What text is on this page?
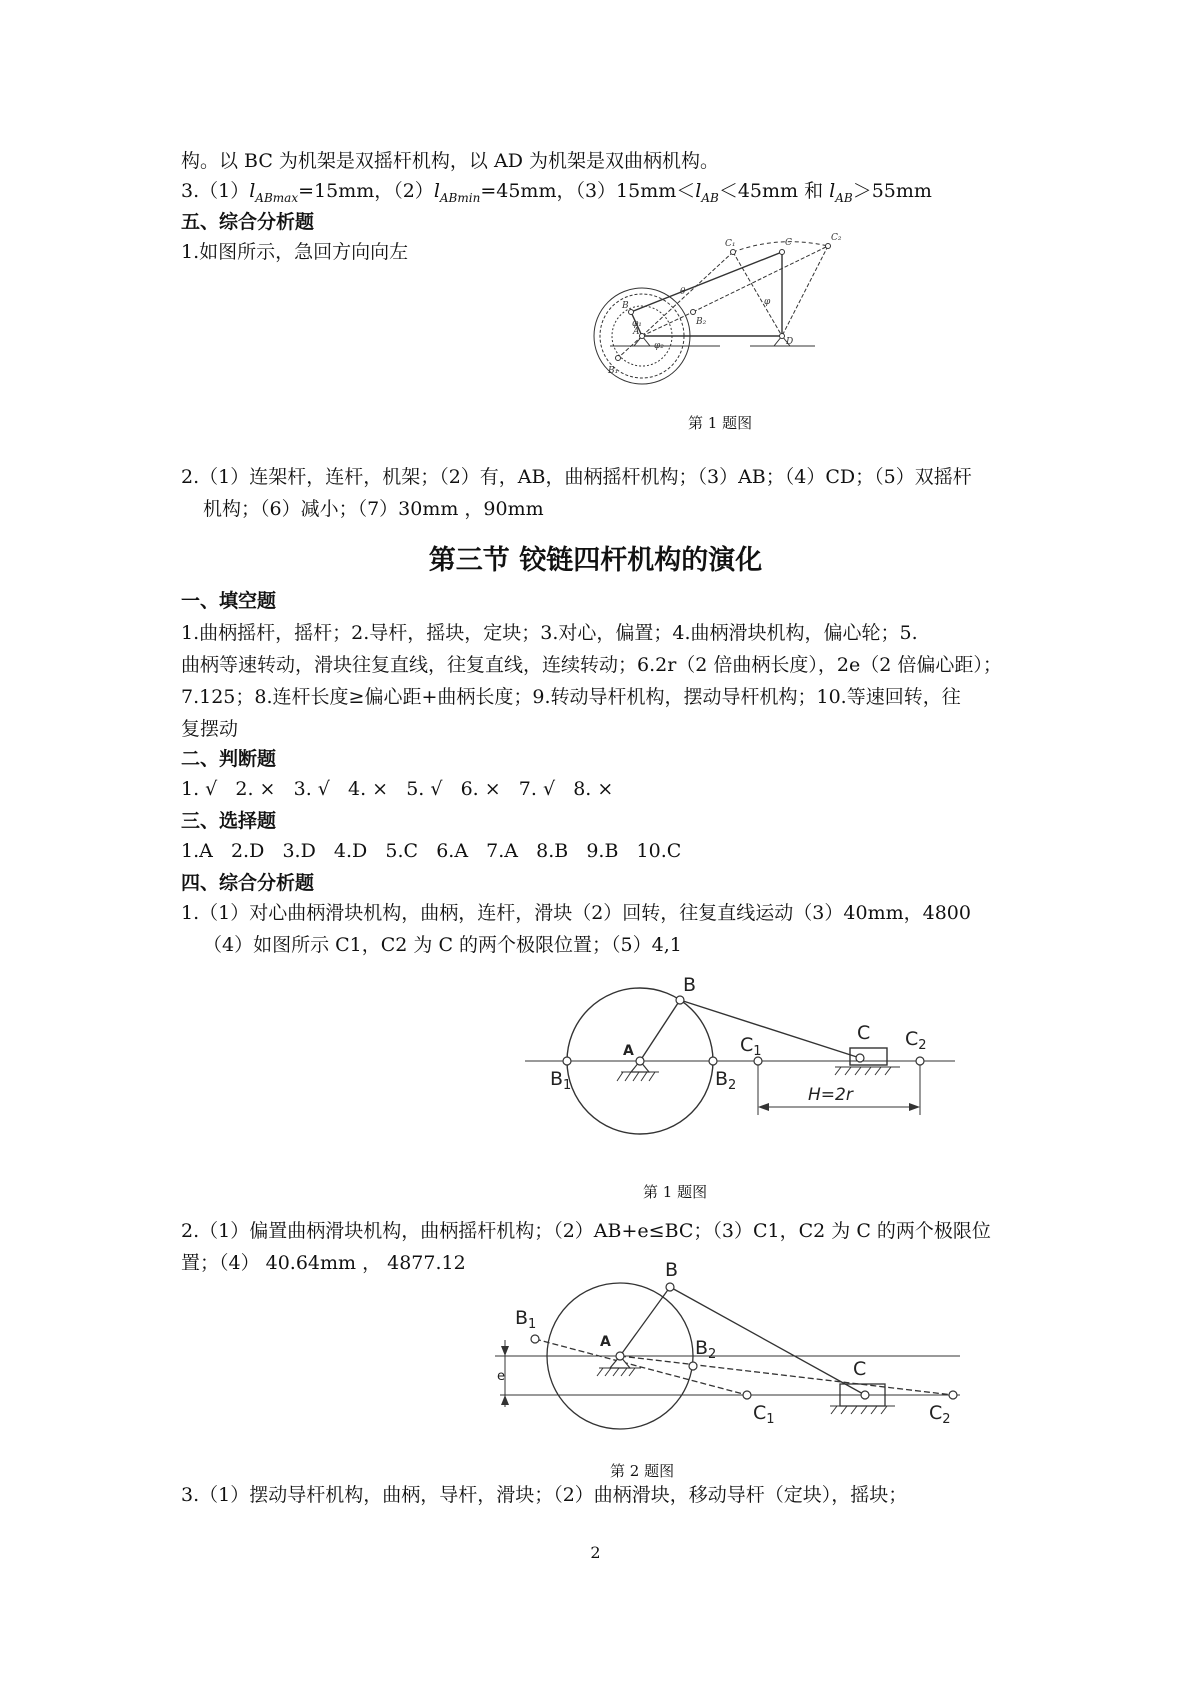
构。以 BC 为机架是双摇杆机构，以 AD 为机架是双曲柄机构。
$3.(1)l_{ABmax}=15mm$，$(2)l_{ABmin}=45mm$，$(3)15mm<l_{AB}<45mm$ 和 $l_{AB}>55mm$
五、综合分析题
1.如图所示，急回方向向左
B
C
C₁
C₂
A
D
B₁
B₂
φ₁
φ₂
θ
φ
第 1 题图
2.（1）连架杆，连杆，机架；（2）有，AB，曲柄摇杆机构；（3）AB；（4）CD；（5）双摇杆
机构；（6）减小；（7）30mm ，90mm
第三节 铰链四杆机构的演化
一、填空题
1.曲柄摇杆，摇杆；2.导杆，摇块，定块；3.对心，偏置；4.曲柄滑块机构，偏心轮；5.
曲柄等速转动，滑块往复直线，往复直线，连续转动；6.2r（2 倍曲柄长度），2e（2 倍偏心距）；
7.125；8.连杆长度≥偏心距+曲柄长度；9.转动导杆机构，摆动导杆机构；10.等速回转，往
复摆动
二、判断题
1. √   2. ×   3. √   4. ×   5. √   6. ×   7. √   8. ×
三、选择题
1.A   2.D   3.D   4.D   5.C   6.A   7.A   8.B   9.B   10.C
四、综合分析题
1.（1）对心曲柄滑块机构，曲柄，连杆，滑块（2）回转，往复直线运动（3）40mm，4800
（4）如图所示 C1，C2 为 C 的两个极限位置；（5）4,1
B
A	$C_1$
C $C_2$
$B_1$	$B_2$	H=2r
第 1 题图
2.（1）偏置曲柄滑块机构，曲柄摇杆机构；（2）AB+e≤BC；（3）C1，C2 为 C 的两个极限位
置；（4） 40.64mm ， 4877.12	B
A
$B_1$
$B_2$
C
$C_1$	$C_2$
e
第 2 题图
3.（1）摆动导杆机构，曲柄，导杆，滑块；（2）曲柄滑块，移动导杆（定块），摇块；
2
